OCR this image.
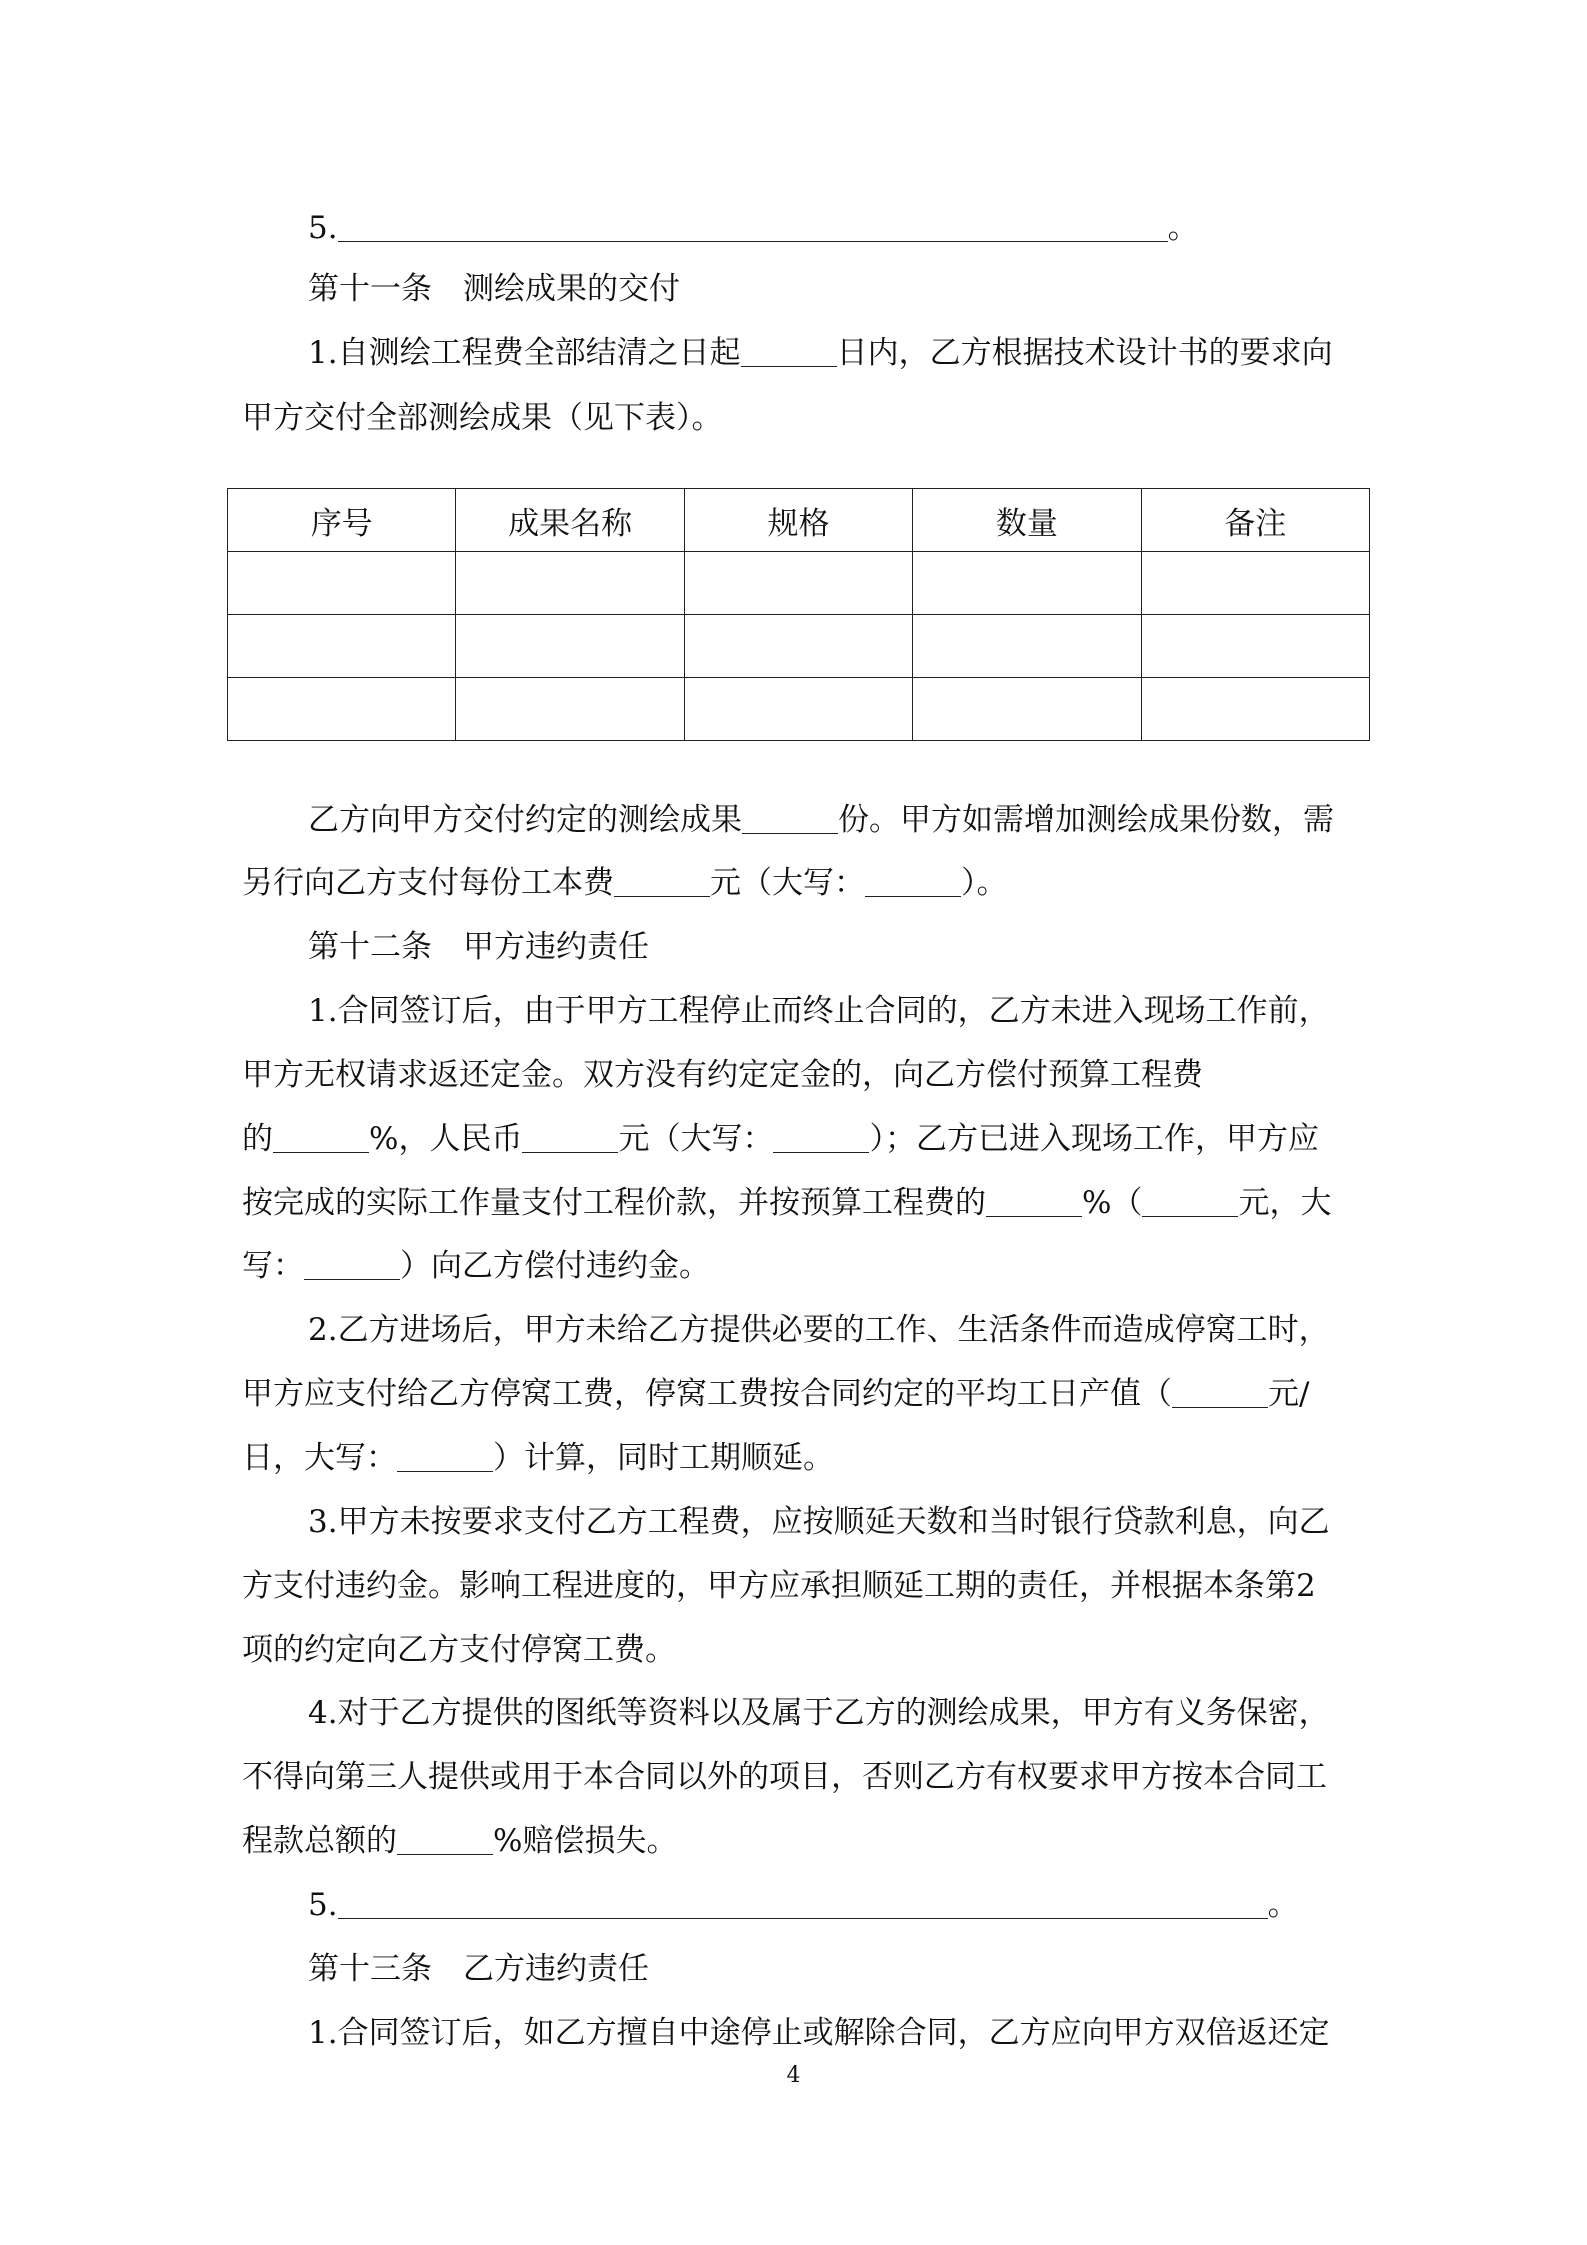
5.	。
第十一条　测绘成果的交付
1.自测绘工程费全部结清之日起	日内，乙方根据技术设计书的要求向
甲方交付全部测绘成果（见下表）。
乙方向甲方交付约定的测绘成果	份。甲方如需增加测绘成果份数，需
另行向乙方支付每份工本费	元（大写：	）。
第十二条　甲方违约责任
1.合同签订后，由于甲方工程停止而终止合同的，乙方未进入现场工作前，
甲方无权请求返还定金。双方没有约定定金的，向乙方偿付预算工程费
的	%，人民币	元（大写：	）；乙方已进入现场工作，甲方应
按完成的实际工作量支付工程价款，并按预算工程费的	%（	元，大
写：	）向乙方偿付违约金。
2.乙方进场后，甲方未给乙方提供必要的工作、生活条件而造成停窝工时，
甲方应支付给乙方停窝工费，停窝工费按合同约定的平均工日产值（	元/
日，大写：	）计算，同时工期顺延。
3.甲方未按要求支付乙方工程费，应按顺延天数和当时银行贷款利息，向乙
方支付违约金。影响工程进度的，甲方应承担顺延工期的责任，并根据本条第2
项的约定向乙方支付停窝工费。
4.对于乙方提供的图纸等资料以及属于乙方的测绘成果，甲方有义务保密，
不得向第三人提供或用于本合同以外的项目，否则乙方有权要求甲方按本合同工
程款总额的	%赔偿损失。
5.	。
第十三条　乙方违约责任
1.合同签订后，如乙方擅自中途停止或解除合同，乙方应向甲方双倍返还定
序号	成果名称	规格	数量	备注

4
